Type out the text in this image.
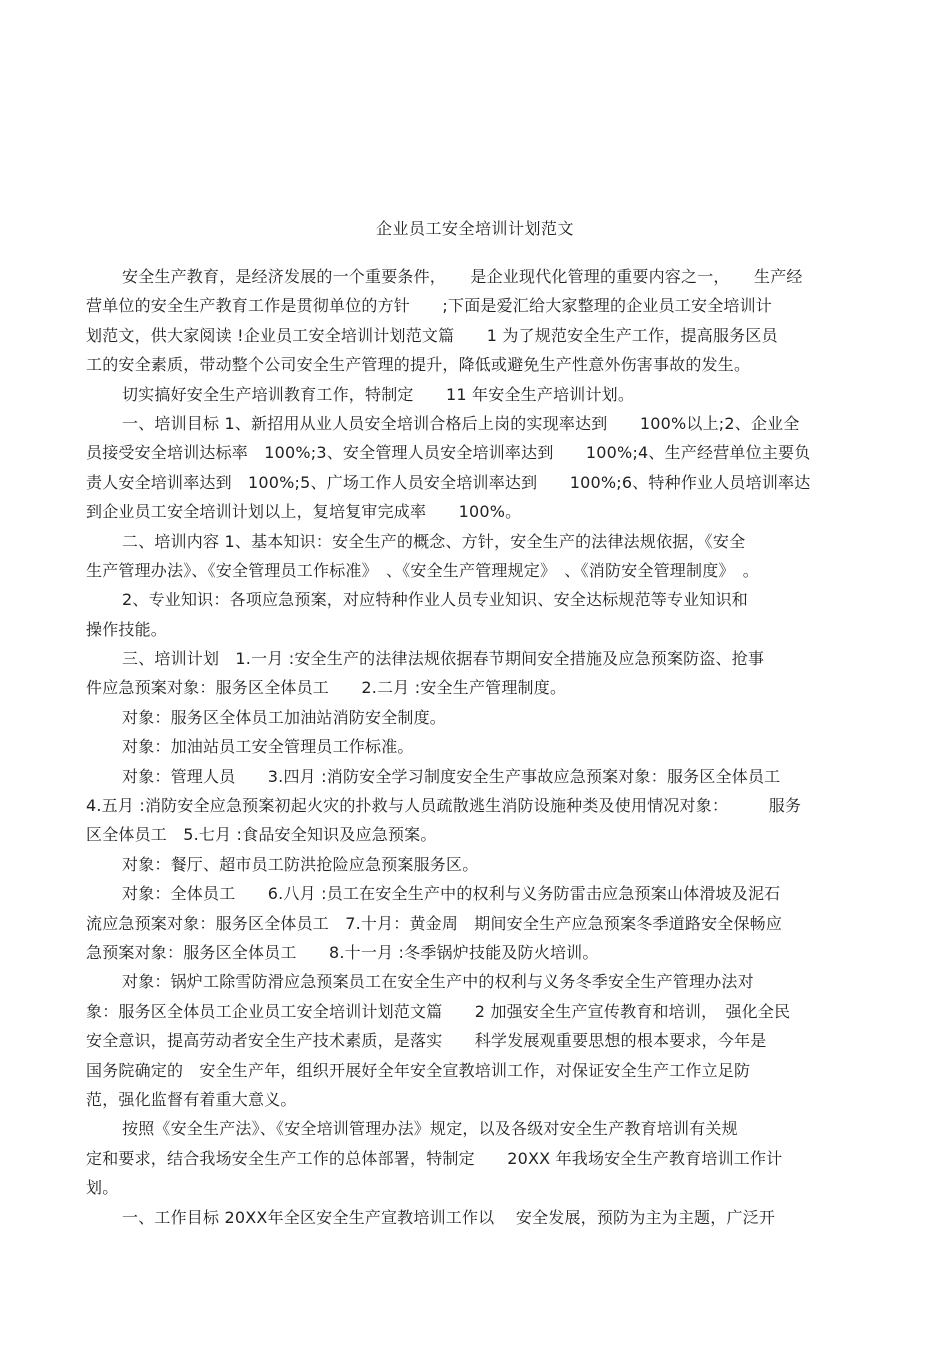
企业员工安全培训计划范文
安全生产教育，是经济发展的一个重要条件，　　是企业现代化管理的重要内容之一，　　生产经
营单位的安全生产教育工作是贯彻单位的方针　　;下面是爱汇给大家整理的企业员工安全培训计
划范文，供大家阅读 !企业员工安全培训计划范文篇　　1 为了规范安全生产工作，提高服务区员
工的安全素质，带动整个公司安全生产管理的提升，降低或避免生产性意外伤害事故的发生。
切实搞好安全生产培训教育工作，特制定　　11 年安全生产培训计划。
一、培训目标 1、新招用从业人员安全培训合格后上岗的实现率达到　　100%以上;2、企业全
员接受安全培训达标率　100%;3、安全管理人员安全培训率达到　　100%;4、生产经营单位主要负
责人安全培训率达到　100%;5、广场工作人员安全培训率达到　　100%;6、特种作业人员培训率达
到企业员工安全培训计划以上，复培复审完成率　　100%。
二、培训内容 1、基本知识：安全生产的概念、方针，安全生产的法律法规依据，《安全
生产管理办法》、《安全管理员工作标准》　、《安全生产管理规定》　、《消防安全管理制度》　。
2、专业知识：各项应急预案，对应特种作业人员专业知识、安全达标规范等专业知识和
操作技能。
三、培训计划　1.一月 :安全生产的法律法规依据春节期间安全措施及应急预案防盗、抢事
件应急预案对象：服务区全体员工　　2.二月 :安全生产管理制度。
对象：服务区全体员工加油站消防安全制度。
对象：加油站员工安全管理员工作标准。
对象：管理人员　　3.四月 :消防安全学习制度安全生产事故应急预案对象：服务区全体员工
4.五月 :消防安全应急预案初起火灾的扑救与人员疏散逃生消防设施种类及使用情况对象：　　　服务
区全体员工　5.七月 :食品安全知识及应急预案。
对象：餐厅、超市员工防洪抢险应急预案服务区。
对象：全体员工　　6.八月 :员工在安全生产中的权利与义务防雷击应急预案山体滑坡及泥石
流应急预案对象：服务区全体员工　7.十月：黄金周　期间安全生产应急预案冬季道路安全保畅应
急预案对象：服务区全体员工　　8.十一月 :冬季锅炉技能及防火培训。
对象：锅炉工除雪防滑应急预案员工在安全生产中的权利与义务冬季安全生产管理办法对
象：服务区全体员工企业员工安全培训计划范文篇　　2 加强安全生产宣传教育和培训，　强化全民
安全意识，提高劳动者安全生产技术素质，是落实　　科学发展观重要思想的根本要求，今年是
国务院确定的　安全生产年，组织开展好全年安全宣教培训工作，对保证安全生产工作立足防
范，强化监督有着重大意义。
按照《安全生产法》、《安全培训管理办法》规定，以及各级对安全生产教育培训有关规
定和要求，结合我场安全生产工作的总体部署，特制定　　20XX 年我场安全生产教育培训工作计
划。
一、工作目标 20XX年全区安全生产宣教培训工作以　 安全发展，预防为主为主题，广泛开
